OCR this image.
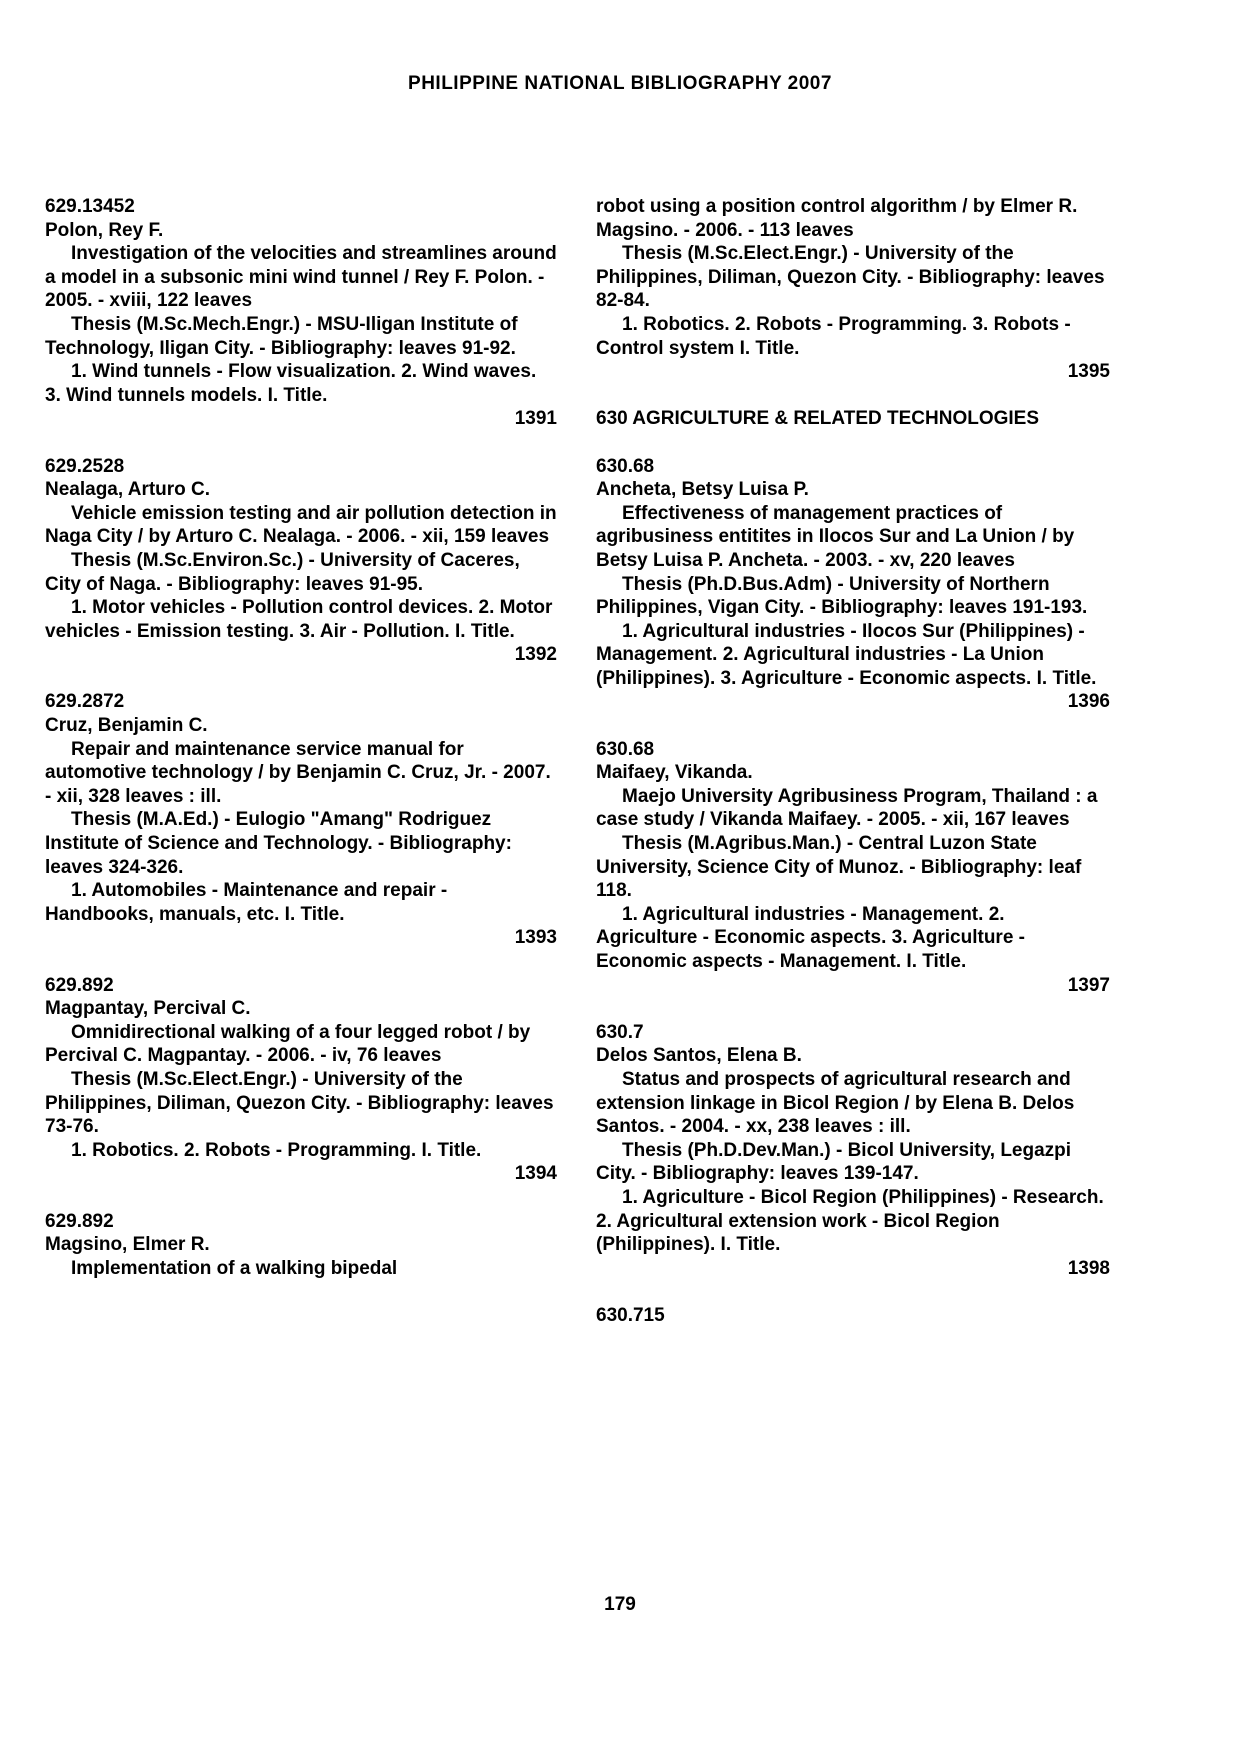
PHILIPPINE NATIONAL BIBLIOGRAPHY 2007

629.13452

Polon, Rey F.

Investigation of the velocities and streamlines around a model in a subsonic mini wind tunnel / Rey F. Polon. - 2005. - xviii, 122 leaves

Thesis (M.Sc.Mech.Engr.) - MSU-Iligan Institute of Technology, Iligan City. - Bibliography: leaves 91-92.

1. Wind tunnels - Flow visualization. 2. Wind waves. 3. Wind tunnels models. I. Title.

1391

629.2528

Nealaga, Arturo C.

Vehicle emission testing and air pollution detection in Naga City / by Arturo C. Nealaga. - 2006. - xii, 159 leaves

Thesis (M.Sc.Environ.Sc.) - University of Caceres, City of Naga. - Bibliography: leaves 91-95.

1. Motor vehicles - Pollution control devices. 2. Motor vehicles - Emission testing. 3. Air - Pollution. I. Title.

1392

629.2872

Cruz, Benjamin C.

Repair and maintenance service manual for automotive technology / by Benjamin C. Cruz, Jr. - 2007. - xii, 328 leaves : ill.

Thesis (M.A.Ed.) - Eulogio "Amang" Rodriguez Institute of Science and Technology. - Bibliography: leaves 324-326.

1. Automobiles - Maintenance and repair - Handbooks, manuals, etc. I. Title.

1393

629.892

Magpantay, Percival C.

Omnidirectional walking of a four legged robot / by Percival C. Magpantay. - 2006. - iv, 76 leaves

Thesis (M.Sc.Elect.Engr.) - University of the Philippines, Diliman, Quezon City. - Bibliography: leaves 73-76.

1. Robotics. 2. Robots - Programming. I. Title.

1394

629.892

Magsino, Elmer R.

Implementation of a walking bipedal

robot using a position control algorithm / by Elmer R. Magsino. - 2006. - 113 leaves

Thesis (M.Sc.Elect.Engr.) - University of the Philippines, Diliman, Quezon City. - Bibliography: leaves 82-84.

1. Robotics. 2. Robots - Programming. 3. Robots - Control system I. Title.

1395

630 AGRICULTURE & RELATED TECHNOLOGIES

630.68

Ancheta, Betsy Luisa P.

Effectiveness of management practices of agribusiness entitites in Ilocos Sur and La Union / by Betsy Luisa P. Ancheta. - 2003. - xv, 220 leaves

Thesis (Ph.D.Bus.Adm) - University of Northern Philippines, Vigan City. - Bibliography: leaves 191-193.

1. Agricultural industries - Ilocos Sur (Philippines) - Management. 2. Agricultural industries - La Union (Philippines). 3. Agriculture - Economic aspects. I. Title.

1396

630.68

Maifaey, Vikanda.

Maejo University Agribusiness Program, Thailand : a case study / Vikanda Maifaey. - 2005. - xii, 167 leaves

Thesis (M.Agribus.Man.) - Central Luzon State University, Science City of Munoz. - Bibliography: leaf 118.

1. Agricultural industries - Management. 2. Agriculture - Economic aspects. 3. Agriculture - Economic aspects - Management. I. Title.

1397

630.7

Delos Santos, Elena B.

Status and prospects of agricultural research and extension linkage in Bicol Region / by Elena B. Delos Santos. - 2004. - xx, 238 leaves : ill.

Thesis (Ph.D.Dev.Man.) - Bicol University, Legazpi City. - Bibliography: leaves 139-147.

1. Agriculture - Bicol Region (Philippines) - Research. 2. Agricultural extension work - Bicol Region (Philippines). I. Title.

1398

630.715

179
